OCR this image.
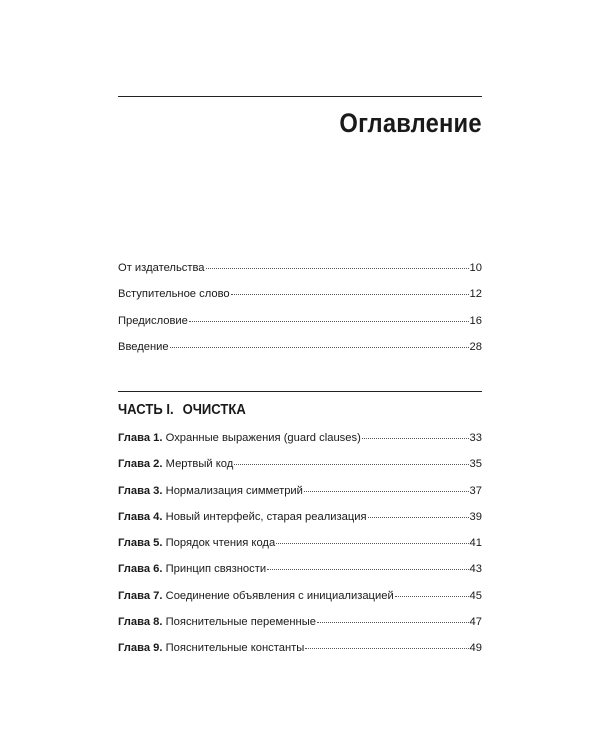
Оглавление
От издательства	10
Вступительное слово	12
Предисловие	16
Введение	28
ЧАСТЬ I. ОЧИСТКА
Глава 1. Охранные выражения (guard clauses)	33
Глава 2. Мертвый код	35
Глава 3. Нормализация симметрий	37
Глава 4. Новый интерфейс, старая реализация	39
Глава 5. Порядок чтения кода	41
Глава 6. Принцип связности	43
Глава 7. Соединение объявления с инициализацией	45
Глава 8. Пояснительные переменные	47
Глава 9. Пояснительные константы	49
